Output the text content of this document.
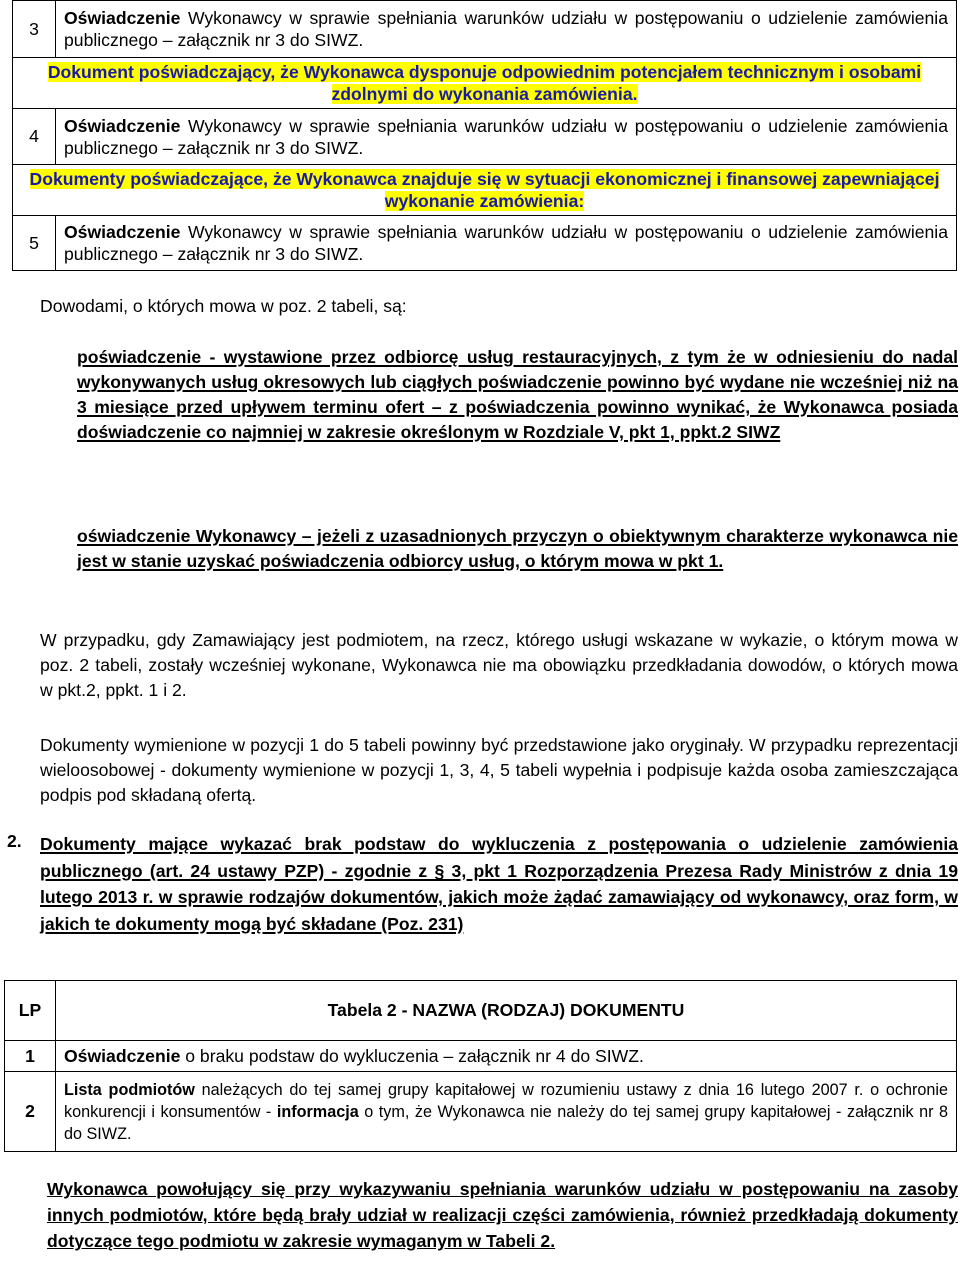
3	Oświadczenie Wykonawcy w sprawie spełniania warunków udziału w postępowaniu o udzielenie zamówienia publicznego – załącznik nr 3 do SIWZ.
Dokument poświadczający, że Wykonawca dysponuje odpowiednim potencjałem technicznym i osobami zdolnymi do wykonania zamówienia.	
4	Oświadczenie Wykonawcy w sprawie spełniania warunków udziału w postępowaniu o udzielenie zamówienia publicznego – załącznik nr 3 do SIWZ.
Dokumenty poświadczające, że Wykonawca znajduje się w sytuacji ekonomicznej i finansowej zapewniającej wykonanie zamówienia:	
5	Oświadczenie Wykonawcy w sprawie spełniania warunków udziału w postępowaniu o udzielenie zamówienia publicznego – załącznik nr 3 do SIWZ.
Dowodami, o których mowa w poz. 2 tabeli, są:
poświadczenie - wystawione przez odbiorcę usług restauracyjnych, z tym że w odniesieniu do nadal wykonywanych usług okresowych lub ciągłych poświadczenie powinno być wydane nie wcześniej niż na 3 miesiące przed upływem terminu ofert – z poświadczenia powinno wynikać, że Wykonawca posiada doświadczenie co najmniej w zakresie określonym w Rozdziale V, pkt 1, ppkt.2 SIWZ
oświadczenie Wykonawcy – jeżeli z uzasadnionych przyczyn o obiektywnym charakterze wykonawca nie jest w stanie uzyskać poświadczenia odbiorcy usług, o którym mowa w pkt 1.
W przypadku, gdy Zamawiający jest podmiotem, na rzecz, którego usługi wskazane w wykazie, o którym mowa w poz. 2 tabeli, zostały wcześniej wykonane, Wykonawca nie ma obowiązku przedkładania dowodów, o których mowa w pkt.2, ppkt. 1 i 2.
Dokumenty wymienione w pozycji 1 do 5 tabeli powinny być przedstawione jako oryginały. W przypadku reprezentacji wieloosobowej - dokumenty wymienione w pozycji 1, 3, 4, 5 tabeli wypełnia i podpisuje każda osoba zamieszczająca podpis pod składaną ofertą.
2. Dokumenty mające wykazać brak podstaw do wykluczenia z postępowania o udzielenie zamówienia publicznego (art. 24 ustawy PZP) - zgodnie z § 3, pkt 1 Rozporządzenia Prezesa Rady Ministrów z dnia 19 lutego 2013 r. w sprawie rodzajów dokumentów, jakich może żądać zamawiający od wykonawcy, oraz form, w jakich te dokumenty mogą być składane (Poz. 231)
LP	Tabela 2 - NAZWA (RODZAJ) DOKUMENTU
1	Oświadczenie o braku podstaw do wykluczenia – załącznik nr 4 do SIWZ.
2	Lista podmiotów należących do tej samej grupy kapitałowej w rozumieniu ustawy z dnia 16 lutego 2007 r. o ochronie konkurencji i konsumentów - informacja o tym, że Wykonawca nie należy do tej samej grupy kapitałowej - załącznik nr 8 do SIWZ.
Wykonawca powołujący się przy wykazywaniu spełniania warunków udziału w postępowaniu na zasoby innych podmiotów, które będą brały udział w realizacji części zamówienia, również przedkładają dokumenty dotyczące tego podmiotu w zakresie wymaganym w Tabeli 2.
